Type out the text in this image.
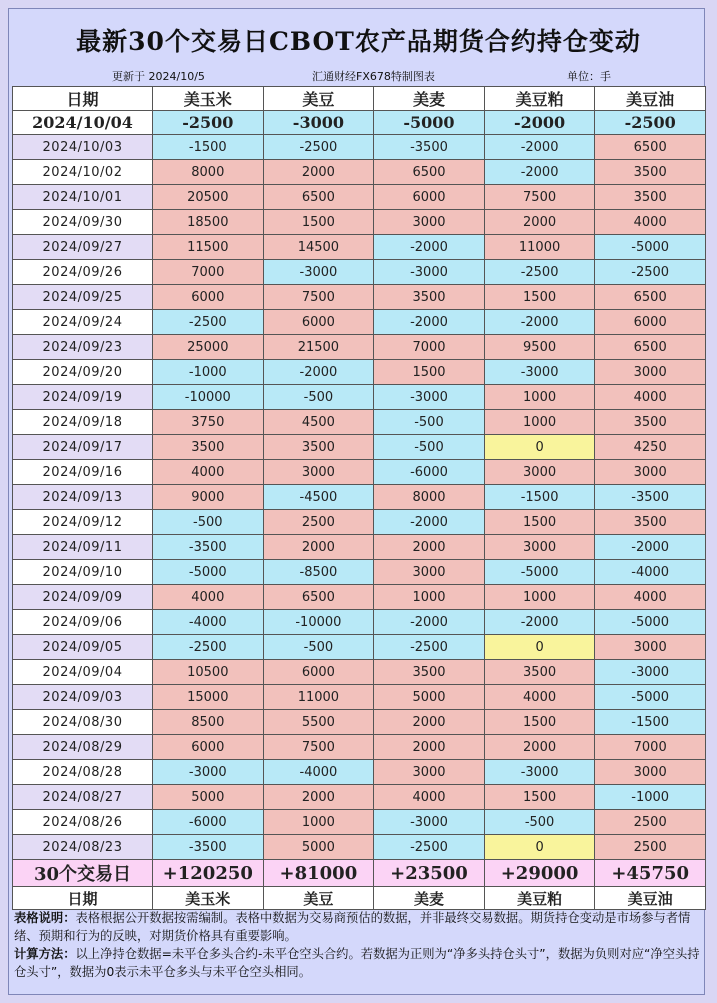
最新30个交易日CBOT农产品期货合约持仓变动
更新于 2024/10/5	汇通财经FX678特制图表	单位：手
日期	美玉米	美豆	美麦	美豆粕	美豆油
2024/10/04	-2500	-3000	-5000	-2000	-2500
2024/10/03	-1500	-2500	-3500	-2000	6500
2024/10/02	8000	2000	6500	-2000	3500
2024/10/01	20500	6500	6000	7500	3500
2024/09/30	18500	1500	3000	2000	4000
2024/09/27	11500	14500	-2000	11000	-5000
2024/09/26	7000	-3000	-3000	-2500	-2500
2024/09/25	6000	7500	3500	1500	6500
2024/09/24	-2500	6000	-2000	-2000	6000
2024/09/23	25000	21500	7000	9500	6500
2024/09/20	-1000	-2000	1500	-3000	3000
2024/09/19	-10000	-500	-3000	1000	4000
2024/09/18	3750	4500	-500	1000	3500
2024/09/17	3500	3500	-500	0	4250
2024/09/16	4000	3000	-6000	3000	3000
2024/09/13	9000	-4500	8000	-1500	-3500
2024/09/12	-500	2500	-2000	1500	3500
2024/09/11	-3500	2000	2000	3000	-2000
2024/09/10	-5000	-8500	3000	-5000	-4000
2024/09/09	4000	6500	1000	1000	4000
2024/09/06	-4000	-10000	-2000	-2000	-5000
2024/09/05	-2500	-500	-2500	0	3000
2024/09/04	10500	6000	3500	3500	-3000
2024/09/03	15000	11000	5000	4000	-5000
2024/08/30	8500	5500	2000	1500	-1500
2024/08/29	6000	7500	2000	2000	7000
2024/08/28	-3000	-4000	3000	-3000	3000
2024/08/27	5000	2000	4000	1500	-1000
2024/08/26	-6000	1000	-3000	-500	2500
2024/08/23	-3500	5000	-2500	0	2500
30个交易日	+120250	+81000	+23500	+29000	+45750
日期	美玉米	美豆	美麦	美豆粕	美豆油

表格说明：表格根据公开数据按需编制。表格中数据为交易商预估的数据，并非最终交易数据。期货持仓变动是市场参与者情绪、预期和行为的反映，对期货价格具有重要影响。

计算方法：以上净持仓数据=未平仓多头合约-未平仓空头合约。若数据为正则为“净多头持仓头寸”，数据为负则对应“净空头持仓头寸”，数据为0表示未平仓多头与未平仓空头相同。
